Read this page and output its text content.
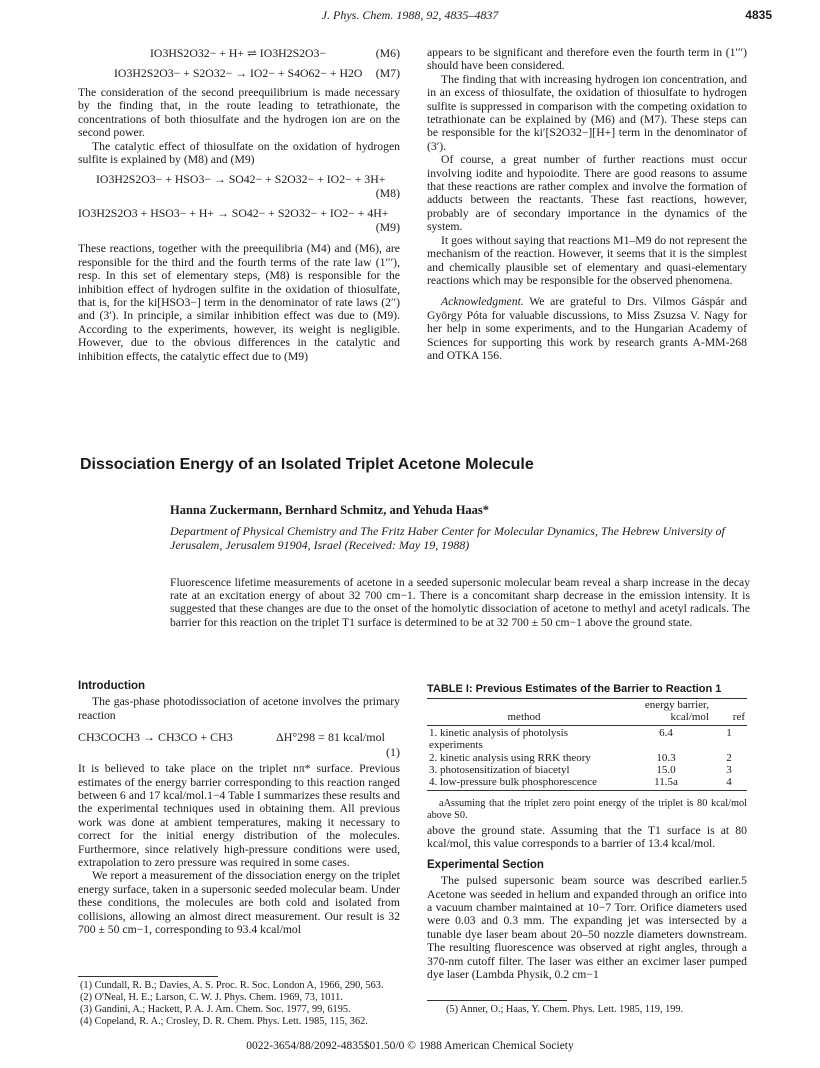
J. Phys. Chem. 1988, 92, 4835–4837	4835
IO3HS2O32− + H+ ⇌ IO3H2S2O3−	(M6)
IO3H2S2O3− + S2O32− → IO2− + S4O62− + H2O (M7)

The consideration of the second preequilibrium is made necessary by the finding that, in the route leading to tetrathionate, the concentrations of both thiosulfate and the hydrogen ion are on the second power.

The catalytic effect of thiosulfate on the oxidation of hydrogen sulfite is explained by (M8) and (M9)

IO3H2S2O3− + HSO3− → SO42− + S2O32− + IO2− + 3H+
(M8)
IO3H2S2O3 + HSO3− + H+ → SO42− + S2O32− + IO2− + 4H+
(M9)

These reactions, together with the preequilibria (M4) and (M6), are responsible for the third and the fourth terms of the rate law (1′′′), resp. In this set of elementary steps, (M8) is responsible for the inhibition effect of hydrogen sulfite in the oxidation of thiosulfate, that is, for the ki[HSO3−] term in the denominator of rate laws (2′′) and (3′). In principle, a similar inhibition effect was due to (M9). According to the experiments, however, its weight is negligible. However, due to the obvious differences in the catalytic and inhibition effects, the catalytic effect due to (M9)

appears to be significant and therefore even the fourth term in (1′′′) should have been considered.

The finding that with increasing hydrogen ion concentration, and in an excess of thiosulfate, the oxidation of thiosulfate to hydrogen sulfite is suppressed in comparison with the competing oxidation to tetrathionate can be explained by (M6) and (M7). These steps can be responsible for the ki′[S2O32−][H+] term in the denominator of (3′).

Of course, a great number of further reactions must occur involving iodite and hypoiodite. There are good reasons to assume that these reactions are rather complex and involve the formation of adducts between the reactants. These fast reactions, however, probably are of secondary importance in the dynamics of the system.

It goes without saying that reactions M1–M9 do not represent the mechanism of the reaction. However, it seems that it is the simplest and chemically plausible set of elementary and quasi-elementary reactions which may be responsible for the observed phenomena.

Acknowledgment. We are grateful to Drs. Vilmos Gáspár and György Póta for valuable discussions, to Miss Zsuzsa V. Nagy for her help in some experiments, and to the Hungarian Academy of Sciences for supporting this work by research grants A-MM-268 and OTKA 156.

Dissociation Energy of an Isolated Triplet Acetone Molecule
Hanna Zuckermann, Bernhard Schmitz, and Yehuda Haas*
Department of Physical Chemistry and The Fritz Haber Center for Molecular Dynamics, The Hebrew University of Jerusalem, Jerusalem 91904, Israel (Received: May 19, 1988)
Fluorescence lifetime measurements of acetone in a seeded supersonic molecular beam reveal a sharp increase in the decay rate at an excitation energy of about 32 700 cm−1. There is a concomitant sharp decrease in the emission intensity. It is suggested that these changes are due to the onset of the homolytic dissociation of acetone to methyl and acetyl radicals. The barrier for this reaction on the triplet T1 surface is determined to be at 32 700 ± 50 cm−1 above the ground state.
Introduction

The gas-phase photodissociation of acetone involves the primary reaction

CH3COCH3 → CH3CO + CH3	ΔH°298 = 81 kcal/mol
(1)

It is believed to take place on the triplet nπ* surface. Previous estimates of the energy barrier corresponding to this reaction ranged between 6 and 17 kcal/mol.1−4 Table I summarizes these results and the experimental techniques used in obtaining them. All previous work was done at ambient temperatures, making it necessary to correct for the initial energy distribution of the molecules. Furthermore, since relatively high-pressure conditions were used, extrapolation to zero pressure was required in some cases.

We report a measurement of the dissociation energy on the triplet energy surface, taken in a supersonic seeded molecular beam. Under these conditions, the molecules are both cold and isolated from collisions, allowing an almost direct measurement. Our result is 32 700 ± 50 cm−1, corresponding to 93.4 kcal/mol

(1) Cundall, R. B.; Davies, A. S. Proc. R. Soc. London A, 1966, 290, 563.
(2) O'Neal, H. E.; Larson, C. W. J. Phys. Chem. 1969, 73, 1011.
(3) Gandini, A.; Hackett, P. A. J. Am. Chem. Soc. 1977, 99, 6195.
(4) Copeland, R. A.; Crosley, D. R. Chem. Phys. Lett. 1985, 115, 362.
TABLE I: Previous Estimates of the Barrier to Reaction 1
method	energy barrier,
kcal/mol	ref

1. kinetic analysis of photolysis experiments	6.4	1
2. kinetic analysis using RRK theory	10.3	2
3. photosensitization of biacetyl	15.0	3
4. low-pressure bulk phosphorescence	11.5a	4

aAssuming that the triplet zero point energy of the triplet is 80 kcal/mol above S0.

above the ground state. Assuming that the T1 surface is at 80 kcal/mol, this value corresponds to a barrier of 13.4 kcal/mol.

Experimental Section

The pulsed supersonic beam source was described earlier.5 Acetone was seeded in helium and expanded through an orifice into a vacuum chamber maintained at 10−7 Torr. Orifice diameters used were 0.03 and 0.3 mm. The expanding jet was intersected by a tunable dye laser beam about 20–50 nozzle diameters downstream. The resulting fluorescence was observed at right angles, through a 370-nm cutoff filter. The laser was either an excimer laser pumped dye laser (Lambda Physik, 0.2 cm−1

(5) Anner, O.; Haas, Y. Chem. Phys. Lett. 1985, 119, 199.
0022-3654/88/2092-4835$01.50/0 © 1988 American Chemical Society
